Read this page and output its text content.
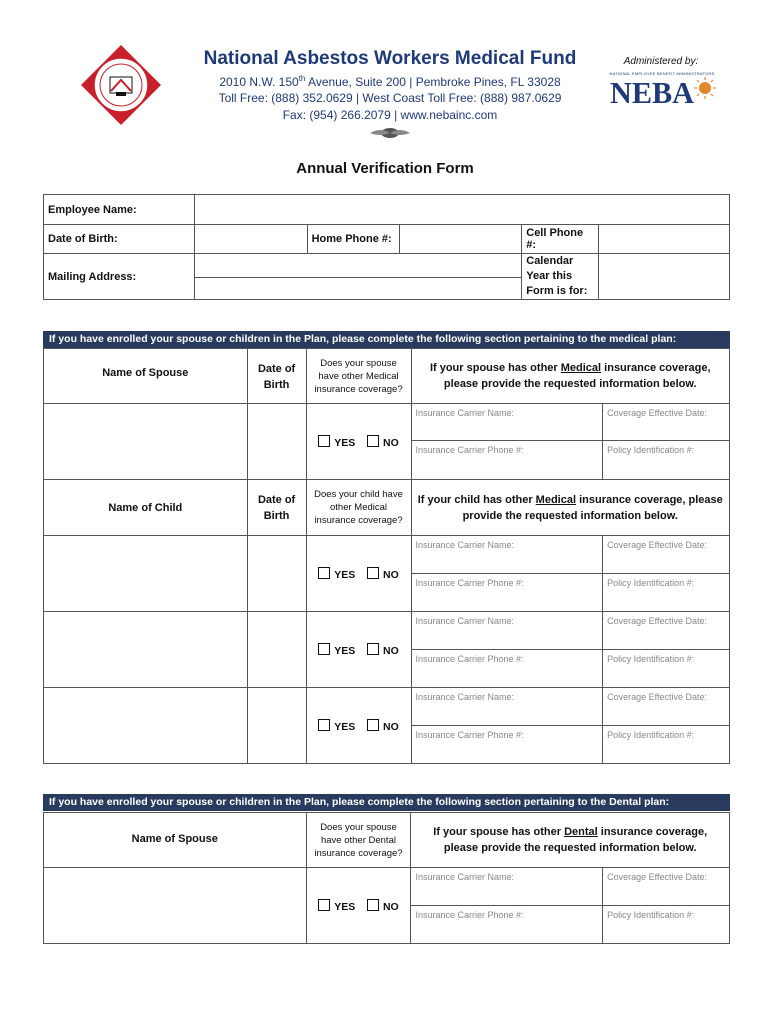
National Asbestos Workers Medical Fund
2010 N.W. 150th Avenue, Suite 200 | Pembroke Pines, FL 33028
Toll Free: (888) 352.0629 | West Coast Toll Free: (888) 987.0629
Fax: (954) 266.2079 | www.nebainc.com
Administered by:
NATIONAL EMPLOYEE BENEFIT ADMINISTRATORS
NEBA
Annual Verification Form
Employee Name:					
Date of Birth:		Home Phone #:		Cell Phone #:	
Mailing Address:				Calendar Year this Form is for:	

If you have enrolled your spouse or children in the Plan, please complete the following section pertaining to the medical plan:
Name of Spouse	Date of Birth	Does your spouse have other Medical insurance coverage?	If your spouse has other Medical insurance coverage, please provide the requested information below.	
		YES NO	Insurance Carrier Name:	Coverage Effective Date:
			Insurance Carrier Phone #:	Policy Identification #:
Name of Child	Date of Birth	Does your child have other Medical insurance coverage?	If your child has other Medical insurance coverage, please provide the requested information below.	
		YES NO	Insurance Carrier Name:	Coverage Effective Date:
			Insurance Carrier Phone #:	Policy Identification #:
		YES NO	Insurance Carrier Name:	Coverage Effective Date:
			Insurance Carrier Phone #:	Policy Identification #:
		YES NO	Insurance Carrier Name:	Coverage Effective Date:
			Insurance Carrier Phone #:	Policy Identification #:
If you have enrolled your spouse or children in the Plan, please complete the following section pertaining to the Dental plan:
Name of Spouse	Does your spouse have other Dental insurance coverage?	If your spouse has other Dental insurance coverage, please provide the requested information below.	
	YES NO	Insurance Carrier Name:	Coverage Effective Date:
		Insurance Carrier Phone #:	Policy Identification #:
